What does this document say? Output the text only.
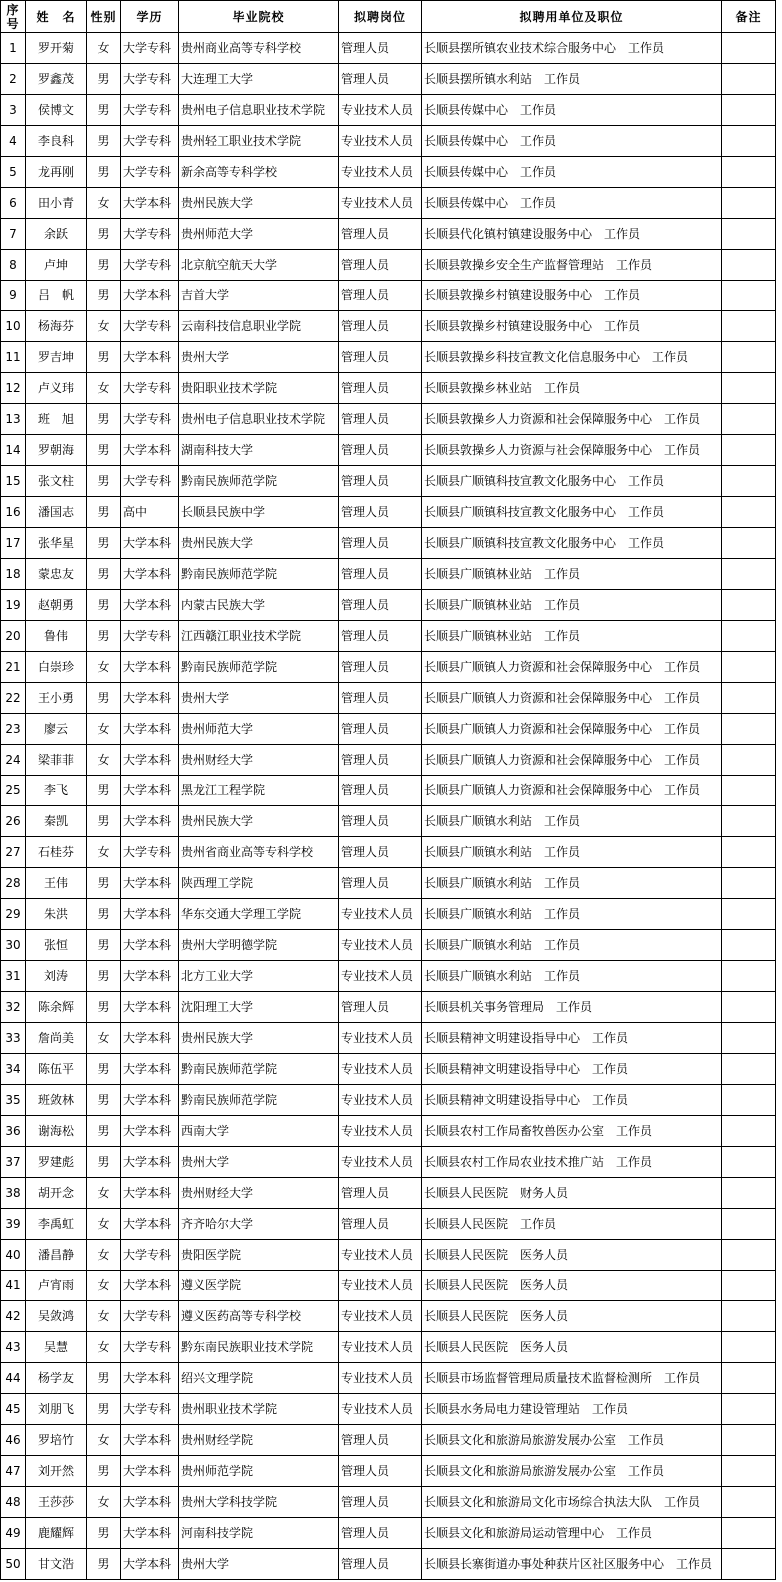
序号	姓　名	性别	学历	毕业院校	拟聘岗位	拟聘用单位及职位	备注
1	罗开菊	女	大学专科	贵州商业高等专科学校	管理人员	长顺县摆所镇农业技术综合服务中心　工作员	
2	罗鑫茂	男	大学专科	大连理工大学	管理人员	长顺县摆所镇水利站　工作员	
3	侯博文	男	大学专科	贵州电子信息职业技术学院	专业技术人员	长顺县传媒中心　工作员	
4	李良科	男	大学专科	贵州轻工职业技术学院	专业技术人员	长顺县传媒中心　工作员	
5	龙再刚	男	大学专科	新余高等专科学校	专业技术人员	长顺县传媒中心　工作员	
6	田小青	女	大学本科	贵州民族大学	专业技术人员	长顺县传媒中心　工作员	
7	余跃	男	大学专科	贵州师范大学	管理人员	长顺县代化镇村镇建设服务中心　工作员	
8	卢坤	男	大学专科	北京航空航天大学	管理人员	长顺县敦操乡安全生产监督管理站　工作员	
9	吕　帆	男	大学本科	吉首大学	管理人员	长顺县敦操乡村镇建设服务中心　工作员	
10	杨海芬	女	大学专科	云南科技信息职业学院	管理人员	长顺县敦操乡村镇建设服务中心　工作员	
11	罗吉坤	男	大学本科	贵州大学	管理人员	长顺县敦操乡科技宣教文化信息服务中心　工作员	
12	卢义玮	女	大学专科	贵阳职业技术学院	管理人员	长顺县敦操乡林业站　工作员	
13	班　旭	男	大学专科	贵州电子信息职业技术学院	管理人员	长顺县敦操乡人力资源和社会保障服务中心　工作员	
14	罗朝海	男	大学本科	湖南科技大学	管理人员	长顺县敦操乡人力资源与社会保障服务中心　工作员	
15	张文柱	男	大学专科	黔南民族师范学院	管理人员	长顺县广顺镇科技宣教文化服务中心　工作员	
16	潘国志	男	高中	长顺县民族中学	管理人员	长顺县广顺镇科技宣教文化服务中心　工作员	
17	张华星	男	大学本科	贵州民族大学	管理人员	长顺县广顺镇科技宣教文化服务中心　工作员	
18	蒙忠友	男	大学本科	黔南民族师范学院	管理人员	长顺县广顺镇林业站　工作员	
19	赵朝勇	男	大学本科	内蒙古民族大学	管理人员	长顺县广顺镇林业站　工作员	
20	鲁伟	男	大学专科	江西赣江职业技术学院	管理人员	长顺县广顺镇林业站　工作员	
21	白崇珍	女	大学本科	黔南民族师范学院	管理人员	长顺县广顺镇人力资源和社会保障服务中心　工作员	
22	王小勇	男	大学本科	贵州大学	管理人员	长顺县广顺镇人力资源和社会保障服务中心　工作员	
23	廖云	女	大学本科	贵州师范大学	管理人员	长顺县广顺镇人力资源和社会保障服务中心　工作员	
24	梁菲菲	女	大学本科	贵州财经大学	管理人员	长顺县广顺镇人力资源和社会保障服务中心　工作员	
25	李飞	男	大学本科	黑龙江工程学院	管理人员	长顺县广顺镇人力资源和社会保障服务中心　工作员	
26	秦凯	男	大学本科	贵州民族大学	管理人员	长顺县广顺镇水利站　工作员	
27	石桂芬	女	大学专科	贵州省商业高等专科学校	管理人员	长顺县广顺镇水利站　工作员	
28	王伟	男	大学本科	陕西理工学院	管理人员	长顺县广顺镇水利站　工作员	
29	朱洪	男	大学本科	华东交通大学理工学院	专业技术人员	长顺县广顺镇水利站　工作员	
30	张恒	男	大学本科	贵州大学明德学院	专业技术人员	长顺县广顺镇水利站　工作员	
31	刘涛	男	大学本科	北方工业大学	专业技术人员	长顺县广顺镇水利站　工作员	
32	陈余辉	男	大学本科	沈阳理工大学	管理人员	长顺县机关事务管理局　工作员	
33	詹尚美	女	大学本科	贵州民族大学	专业技术人员	长顺县精神文明建设指导中心　工作员	
34	陈伍平	男	大学本科	黔南民族师范学院	专业技术人员	长顺县精神文明建设指导中心　工作员	
35	班敛林	男	大学本科	黔南民族师范学院	专业技术人员	长顺县精神文明建设指导中心　工作员	
36	谢海松	男	大学本科	西南大学	专业技术人员	长顺县农村工作局畜牧兽医办公室　工作员	
37	罗建彪	男	大学本科	贵州大学	专业技术人员	长顺县农村工作局农业技术推广站　工作员	
38	胡开念	女	大学本科	贵州财经大学	管理人员	长顺县人民医院　财务人员	
39	李禹虹	女	大学本科	齐齐哈尔大学	管理人员	长顺县人民医院　工作员	
40	潘昌静	女	大学专科	贵阳医学院	专业技术人员	长顺县人民医院　医务人员	
41	卢宵雨	女	大学本科	遵义医学院	专业技术人员	长顺县人民医院　医务人员	
42	吴敛鸿	女	大学专科	遵义医药高等专科学校	专业技术人员	长顺县人民医院　医务人员	
43	吴慧	女	大学专科	黔东南民族职业技术学院	专业技术人员	长顺县人民医院　医务人员	
44	杨学友	男	大学本科	绍兴文理学院	专业技术人员	长顺县市场监督管理局质量技术监督检测所　工作员	
45	刘朋飞	男	大学专科	贵州职业技术学院	专业技术人员	长顺县水务局电力建设管理站　工作员	
46	罗培竹	女	大学本科	贵州财经学院	管理人员	长顺县文化和旅游局旅游发展办公室　工作员	
47	刘开然	男	大学本科	贵州师范学院	管理人员	长顺县文化和旅游局旅游发展办公室　工作员	
48	王莎莎	女	大学本科	贵州大学科技学院	管理人员	长顺县文化和旅游局文化市场综合执法大队　工作员	
49	鹿耀辉	男	大学本科	河南科技学院	管理人员	长顺县文化和旅游局运动管理中心　工作员	
50	甘文浩	男	大学本科	贵州大学	管理人员	长顺县长寨街道办事处种获片区社区服务中心　工作员	
